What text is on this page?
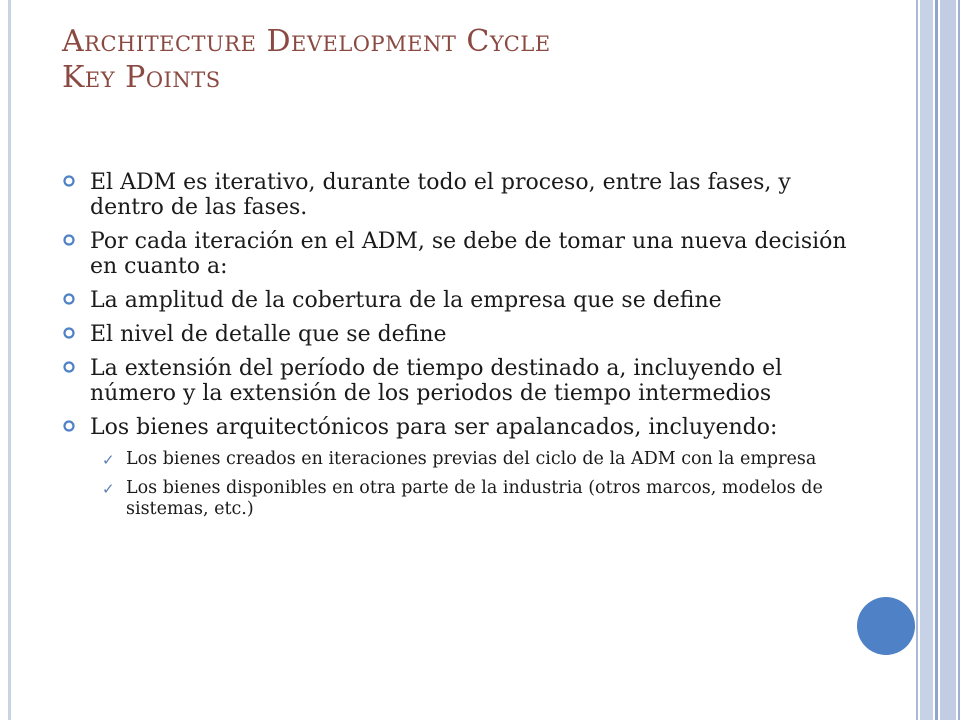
Architecture Development Cycle
Key Points
El ADM es iterativo, durante todo el proceso, entre las fases, y dentro de las fases.
Por cada iteración en el ADM, se debe de tomar una nueva decisión en cuanto a:
La amplitud de la cobertura de la empresa que se define
El nivel de detalle que se define
La extensión del período de tiempo destinado a, incluyendo el número y la extensión de los periodos de tiempo intermedios
Los bienes arquitectónicos para ser apalancados, incluyendo:
✓ Los bienes creados en iteraciones previas del ciclo de la ADM con la empresa
✓ Los bienes disponibles en otra parte de la industria (otros marcos, modelos de sistemas, etc.)
